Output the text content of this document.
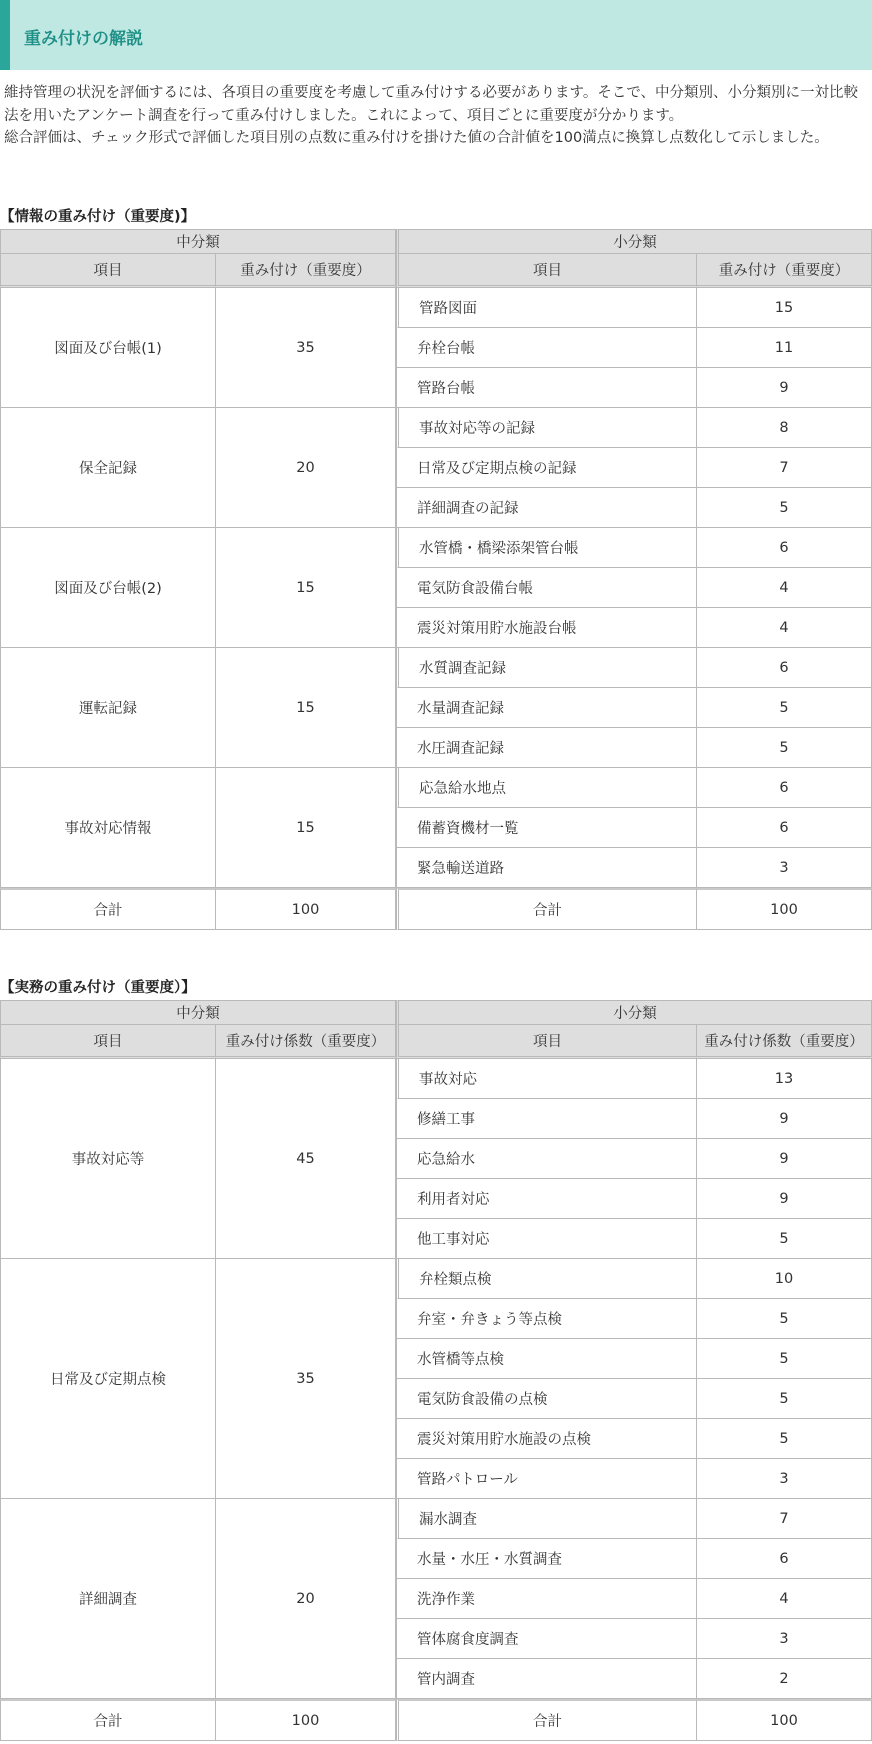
重み付けの解説

維持管理の状況を評価するには、各項目の重要度を考慮して重み付けする必要があります。そこで、中分類別、小分類別に一対比較法を用いたアンケート調査を行って重み付けしました。これによって、項目ごとに重要度が分かります。

総合評価は、チェック形式で評価した項目別の点数に重み付けを掛けた値の合計値を100満点に換算し点数化して示しました。

【情報の重み付け（重要度)】
中分類		小分類	
項目	重み付け（重要度）	項目	重み付け（重要度）
図面及び台帳(1)	35	管路図面	15
		弁栓台帳	11
		管路台帳	9
保全記録	20	事故対応等の記録	8
		日常及び定期点検の記録	7
		詳細調査の記録	5
図面及び台帳(2)	15	水管橋・橋梁添架管台帳	6
		電気防食設備台帳	4
		震災対策用貯水施設台帳	4
運転記録	15	水質調査記録	6
		水量調査記録	5
		水圧調査記録	5
事故対応情報	15	応急給水地点	6
		備蓄資機材一覧	6
		緊急輸送道路	3
合計	100	合計	100
【実務の重み付け（重要度）】
中分類		小分類	
項目	重み付け係数（重要度）	項目	重み付け係数（重要度）
事故対応等	45	事故対応	13
		修繕工事	9
		応急給水	9
		利用者対応	9
		他工事対応	5
日常及び定期点検	35	弁栓類点検	10
		弁室・弁きょう等点検	5
		水管橋等点検	5
		電気防食設備の点検	5
		震災対策用貯水施設の点検	5
		管路パトロール	3
詳細調査	20	漏水調査	7
		水量・水圧・水質調査	6
		洗浄作業	4
		管体腐食度調査	3
		管内調査	2
合計	100	合計	100
